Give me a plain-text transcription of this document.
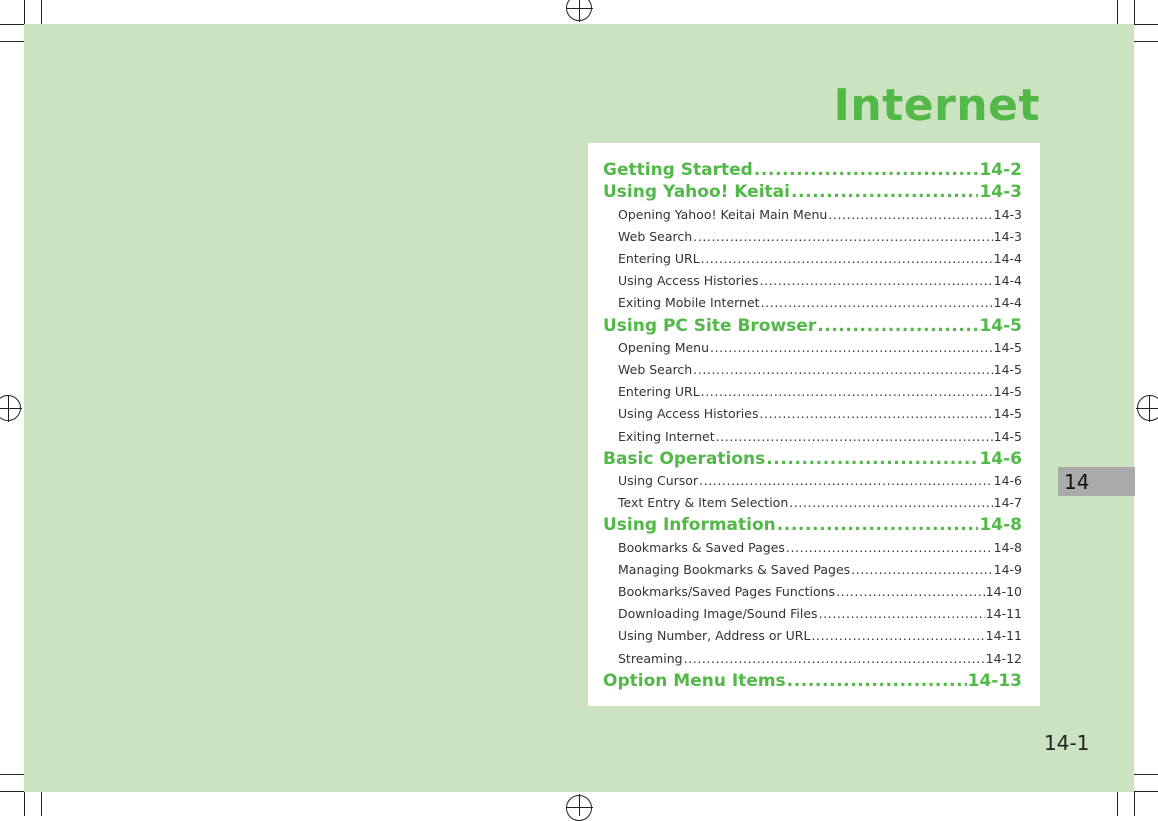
Internet
Getting Started .....	14-2
Using Yahoo! Keitai .....	14-3
Opening Yahoo! Keitai Main Menu .....	14-3
Web Search .....	14-3
Entering URL .....	14-4
Using Access Histories .....	14-4
Exiting Mobile Internet .....	14-4
Using PC Site Browser .....	14-5
Opening Menu .....	14-5
Web Search .....	14-5
Entering URL .....	14-5
Using Access Histories .....	14-5
Exiting Internet .....	14-5
Basic Operations .....	14-6
Using Cursor .....	14-6
Text Entry & Item Selection .....	14-7
Using Information .....	14-8
Bookmarks & Saved Pages .....	14-8
Managing Bookmarks & Saved Pages .....	14-9
Bookmarks/Saved Pages Functions .....	14-10
Downloading Image/Sound Files .....	14-11
Using Number, Address or URL .....	14-11
Streaming .....	14-12
Option Menu Items .....	14-13
14
14-1
